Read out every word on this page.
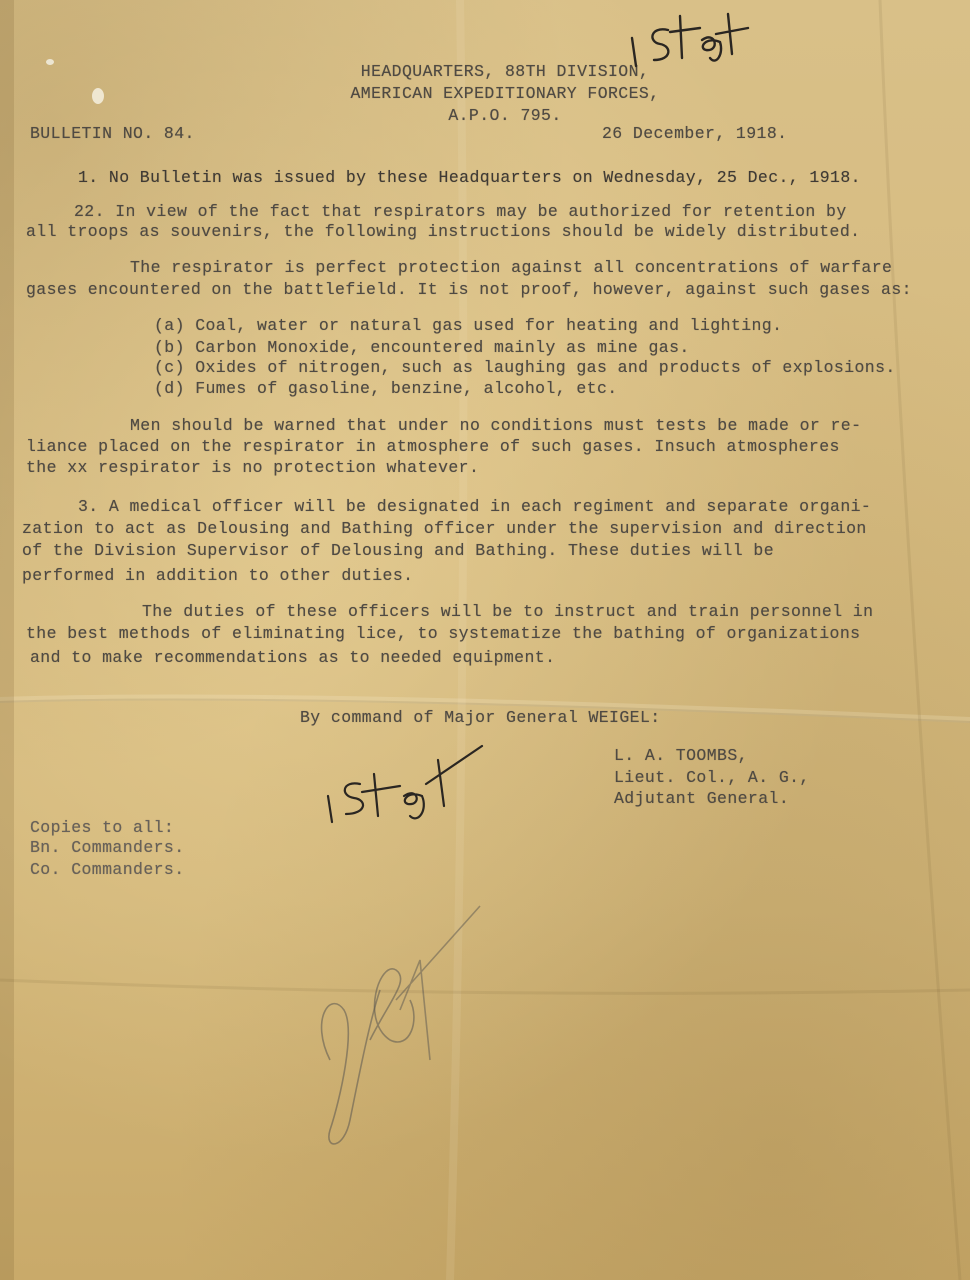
HEADQUARTERS, 88TH DIVISION,
AMERICAN EXPEDITIONARY FORCES,
A.P.O. 795.
BULLETIN NO. 84.	26 December, 1918.
1. No Bulletin was issued by these Headquarters on Wednesday, 25 Dec., 1918.
22. In view of the fact that respirators may be authorized for retention by
all troops as souvenirs, the following instructions should be widely distributed.
The respirator is perfect protection against all concentrations of warfare
gases encountered on the battlefield. It is not proof, however, against such gases as:
(a) Coal, water or natural gas used for heating and lighting.
(b) Carbon Monoxide, encountered mainly as mine gas.
(c) Oxides of nitrogen, such as laughing gas and products of explosions.
(d) Fumes of gasoline, benzine, alcohol, etc.
Men should be warned that under no conditions must tests be made or re-
liance placed on the respirator in atmosphere of such gases. Insuch atmospheres
the xx respirator is no protection whatever.
3. A medical officer will be designated in each regiment and separate organi-
zation to act as Delousing and Bathing officer under the supervision and direction
of the Division Supervisor of Delousing and Bathing. These duties will be
performed in addition to other duties.
The duties of these officers will be to instruct and train personnel in
the best methods of eliminating lice, to systematize the bathing of organizations
and to make recommendations as to needed equipment.
By command of Major General WEIGEL:
L. A. TOOMBS,
Lieut. Col., A. G.,
Adjutant General.
Copies to all:
Bn. Commanders.
Co. Commanders.
